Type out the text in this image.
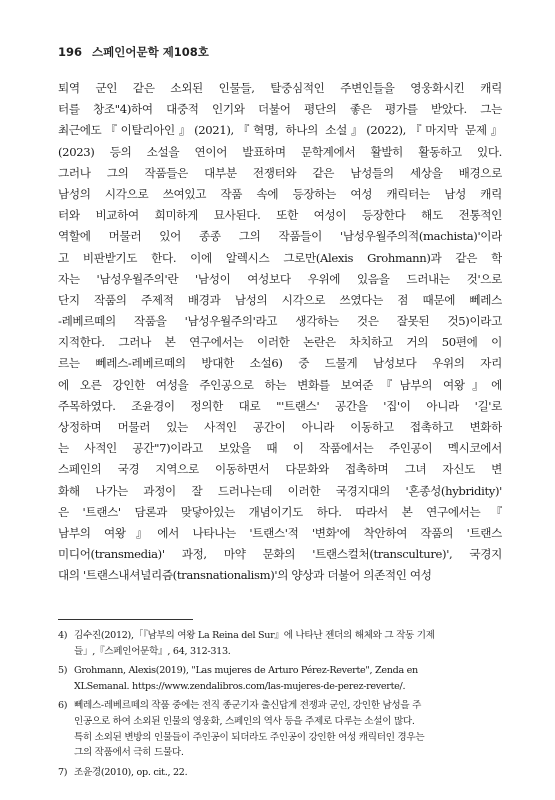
196 스페인어문학 제108호
퇴역 군인 같은 소외된 인물들, 탈중심적인 주변인들을 영웅화시킨 캐릭
터를 창조"4)하여 대중적 인기와 더불어 평단의 좋은 평가를 받았다. 그는
최근에도『이탈리아인』(2021),『혁명, 하나의 소설』(2022),『마지막 문제』
(2023) 등의 소설을 연이어 발표하며 문학계에서 활발히 활동하고 있다.
그러나 그의 작품들은 대부분 전쟁터와 같은 남성들의 세상을 배경으로
남성의 시각으로 쓰여있고 작품 속에 등장하는 여성 캐릭터는 남성 캐릭
터와 비교하여 희미하게 묘사된다. 또한 여성이 등장한다 해도 전통적인
역할에 머물러 있어 종종 그의 작품들이 '남성우월주의적(machista)'이라
고 비판받기도 한다. 이에 알렉시스 그로만(Alexis Grohmann)과 같은 학
자는 '남성우월주의'란 '남성이 여성보다 우위에 있음을 드러내는 것'으로
단지 작품의 주제적 배경과 남성의 시각으로 쓰였다는 점 때문에 뻬레스
-레베르떼의 작품을 '남성우월주의'라고 생각하는 것은 잘못된 것5)이라고
지적한다. 그러나 본 연구에서는 이러한 논란은 차치하고 거의 50편에 이
르는 뻬레스-레베르떼의 방대한 소설6) 중 드물게 남성보다 우위의 자리
에 오른 강인한 여성을 주인공으로 하는 변화를 보여준『남부의 여왕』에
주목하였다. 조윤경이 정의한 대로 "'트랜스' 공간을 '집'이 아니라 '길'로
상정하며 머물러 있는 사적인 공간이 아니라 이동하고 접촉하고 변화하
는 사적인 공간"7)이라고 보았을 때 이 작품에서는 주인공이 멕시코에서
스페인의 국경 지역으로 이동하면서 다문화와 접촉하며 그녀 자신도 변
화해 나가는 과정이 잘 드러나는데 이러한 국경지대의 '혼종성(hybridity)'
은 '트랜스' 담론과 맞닿아있는 개념이기도 하다. 따라서 본 연구에서는『
남부의 여왕』에서 나타나는 '트랜스'적 '변화'에 착안하여 작품의 '트랜스
미디어(transmedia)' 과정, 마약 문화의 '트랜스컬처(transculture)', 국경지
대의 '트랜스내셔널리즘(transnationalism)'의 양상과 더불어 의존적인 여성
4) 김수진(2012),「『남부의 여왕 La Reina del Sur』에 나타난 젠더의 해체와 그 작동 기제
들」,『스페인어문학』, 64, 312-313.
5) Grohmann, Alexis(2019), "Las mujeres de Arturo Pérez-Reverte", Zenda en
XLSemanal. https://www.zendalibros.com/las-mujeres-de-perez-reverte/.
6) 뻬레스-레베르떼의 작품 중에는 전직 종군기자 출신답게 전쟁과 군인, 강인한 남성을 주
인공으로 하여 소외된 인물의 영웅화, 스페인의 역사 등을 주제로 다루는 소설이 많다.
특히 소외된 변방의 인물들이 주인공이 되더라도 주인공이 강인한 여성 캐릭터인 경우는
그의 작품에서 극히 드물다.
7) 조윤경(2010), op. cit., 22.
